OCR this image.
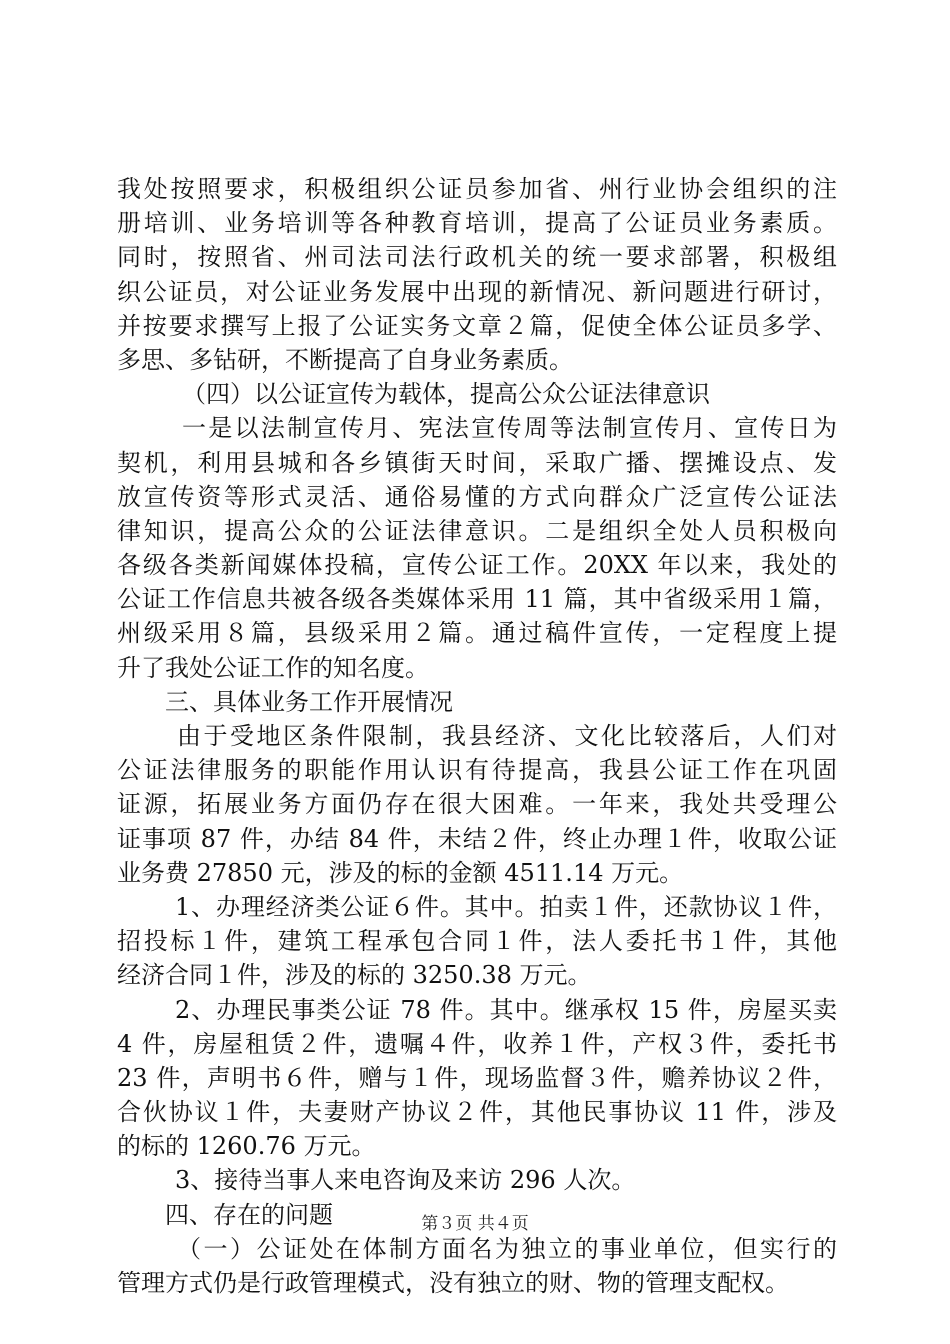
我处按照要求，积极组织公证员参加省、州行业协会组织的注
册培训、业务培训等各种教育培训，提高了公证员业务素质。
同时，按照省、州司法司法行政机关的统一要求部署，积极组
织公证员，对公证业务发展中出现的新情况、新问题进行研讨，
并按要求撰写上报了公证实务文章２篇，促使全体公证员多学、
多思、多钻研，不断提高了自身业务素质。
（四）以公证宣传为载体，提高公众公证法律意识
一是以法制宣传月、宪法宣传周等法制宣传月、宣传日为
契机，利用县城和各乡镇街天时间，采取广播、摆摊设点、发
放宣传资等形式灵活、通俗易懂的方式向群众广泛宣传公证法
律知识，提高公众的公证法律意识。二是组织全处人员积极向
各级各类新闻媒体投稿，宣传公证工作。20XX 年以来，我处的
公证工作信息共被各级各类媒体采用 11 篇，其中省级采用１篇，
州级采用８篇，县级采用２篇。通过稿件宣传，一定程度上提
升了我处公证工作的知名度。
三、具体业务工作开展情况
由于受地区条件限制，我县经济、文化比较落后，人们对
公证法律服务的职能作用认识有待提高，我县公证工作在巩固
证源，拓展业务方面仍存在很大困难。一年来，我处共受理公
证事项 87 件，办结 84 件，未结２件，终止办理１件，收取公证
业务费 27850 元，涉及的标的金额 4511.14 万元。
1、办理经济类公证６件。其中。拍卖１件，还款协议１件，
招投标１件，建筑工程承包合同１件，法人委托书１件，其他
经济合同１件，涉及的标的 3250.38 万元。
2、办理民事类公证 78 件。其中。继承权 15 件，房屋买卖
4 件，房屋租赁２件，遗嘱４件，收养１件，产权３件，委托书
23 件，声明书６件，赠与１件，现场监督３件，赡养协议２件，
合伙协议１件，夫妻财产协议２件，其他民事协议 11 件，涉及
的标的 1260.76 万元。
3、接待当事人来电咨询及来访 296 人次。
四、存在的问题
（一）公证处在体制方面名为独立的事业单位，但实行的
管理方式仍是行政管理模式，没有独立的财、物的管理支配权。
第３页 共４页
